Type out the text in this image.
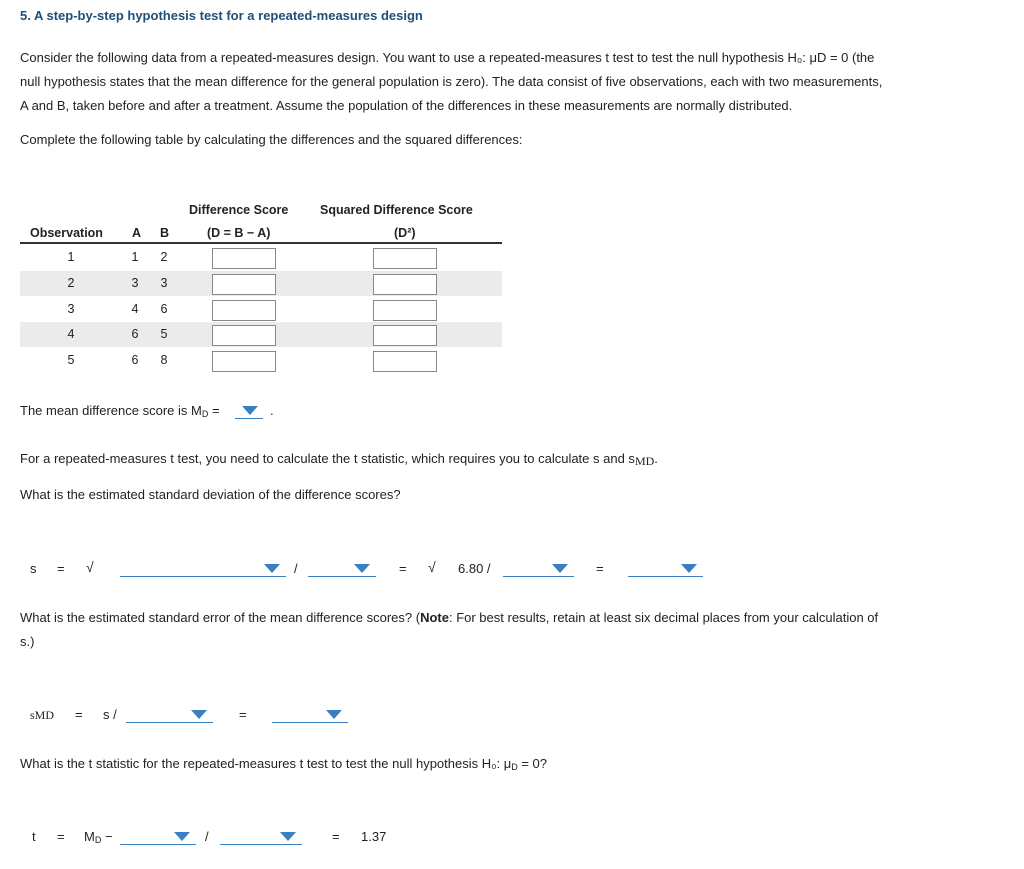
5. A step-by-step hypothesis test for a repeated-measures design
Consider the following data from a repeated-measures design. You want to use a repeated-measures t test to test the null hypothesis H₀: μD = 0 (the
null hypothesis states that the mean difference for the general population is zero). The data consist of five observations, each with two measurements,
A and B, taken before and after a treatment. Assume the population of the differences in these measurements are normally distributed.
Complete the following table by calculating the differences and the squared differences:
Difference Score	Squared Difference Score
Observation A B	(D = B − A)	(D²)
1	1 2
2	3 3
3	4 6
4	6 5
5	6 8
The mean difference score is $M_D$ =	.
For a repeated-measures t test, you need to calculate the t statistic, which requires you to calculate s and sMD.
What is the estimated standard deviation of the difference scores?
s = √	/	= √ 6.80 /	=
What is the estimated standard error of the mean difference scores? (Note: For best results, retain at least six decimal places from your calculation of
s.)
sMD = s /	=
What is the t statistic for the repeated-measures t test to test the null hypothesis H₀: $\mu_D = 0$?
$t = M_D$ −	/	= 1.37
